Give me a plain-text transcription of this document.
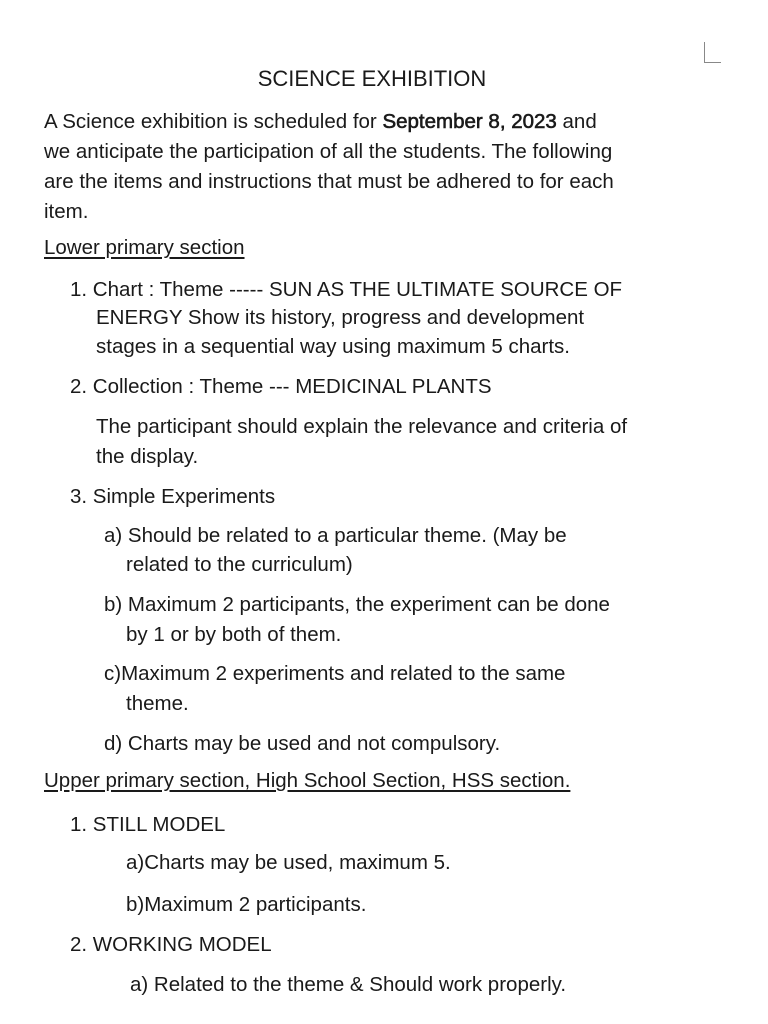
SCIENCE EXHIBITION
A Science exhibition is scheduled for September 8, 2023 and
we anticipate the participation of all the students. The following
are the items and instructions that must be adhered to for each
item.
Lower primary section
1. Chart : Theme ----- SUN AS THE ULTIMATE SOURCE OF
ENERGY Show its history, progress and development
stages in a sequential way using maximum 5 charts.
2. Collection : Theme --- MEDICINAL PLANTS
The participant should explain the relevance and criteria of
the display.
3. Simple Experiments
a) Should be related to a particular theme. (May be
related to the curriculum)
b) Maximum 2 participants, the experiment can be done
by 1 or by both of them.
c)Maximum 2 experiments and related to the same
theme.
d) Charts may be used and not compulsory.
Upper primary section, High School Section, HSS section.
1. STILL MODEL
a)Charts may be used, maximum 5.
b)Maximum 2 participants.
2. WORKING MODEL
a) Related to the theme & Should work properly.
